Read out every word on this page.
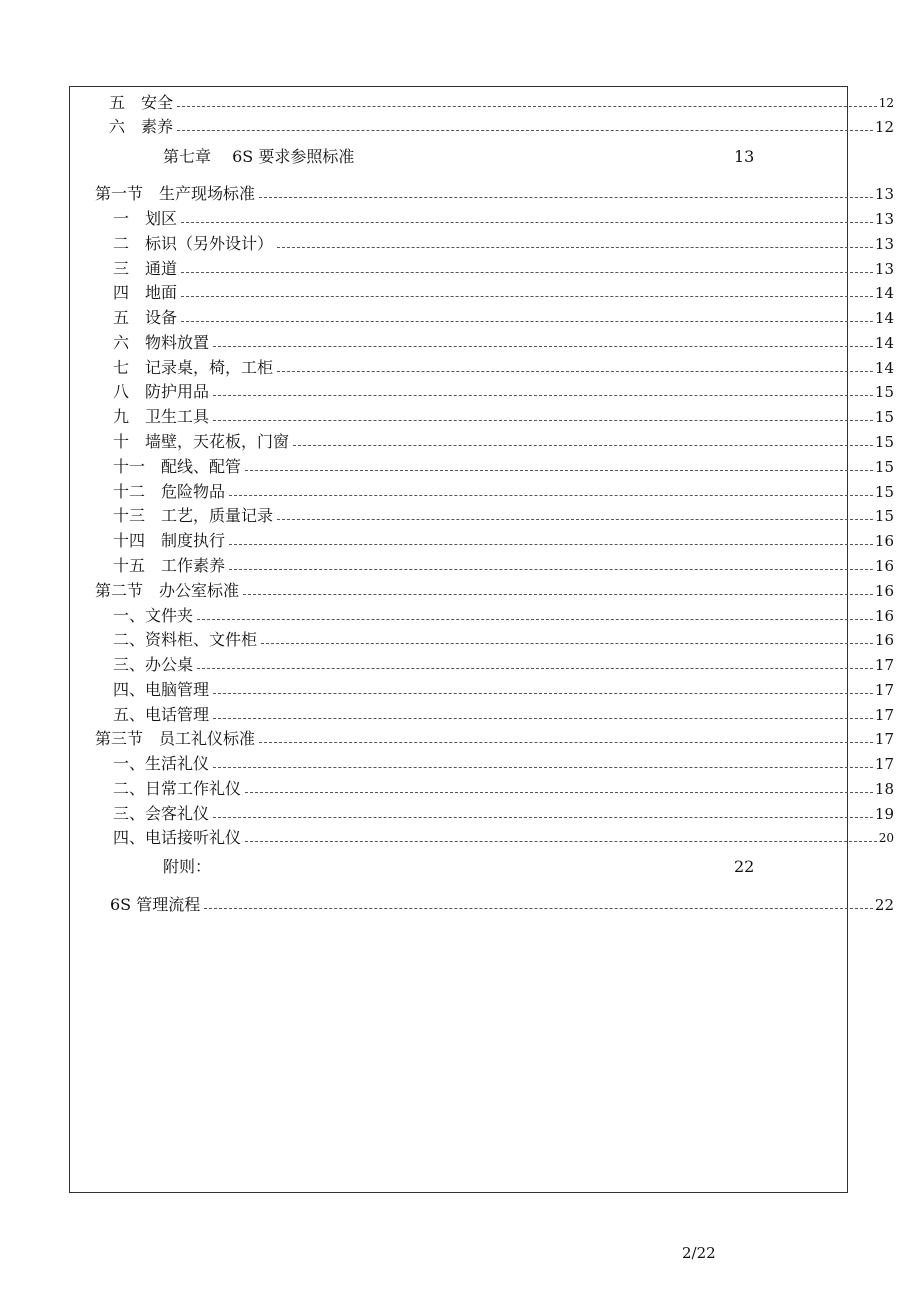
五　安全	12
六　素养	12
第七章　 6S 要求参照标准	13
第一节　生产现场标准	13
一　划区	13
二　标识（另外设计）	13
三　通道	13
四　地面	14
五　设备	14
六　物料放置	14
七　记录桌，椅，工柜	14
八　防护用品	15
九　卫生工具	15
十　墙壁，天花板，门窗	15
十一　配线、配管	15
十二　危险物品	15
十三　工艺，质量记录	15
十四　制度执行	16
十五　工作素养	16
第二节　办公室标准	16
一、文件夹	16
二、资料柜、文件柜	16
三、办公桌	17
四、电脑管理	17
五、电话管理	17
第三节　员工礼仪标准	17
一、生活礼仪	17
二、日常工作礼仪	18
三、会客礼仪	19
四、电话接听礼仪	20
附则：	22
6S 管理流程	22
2/22
